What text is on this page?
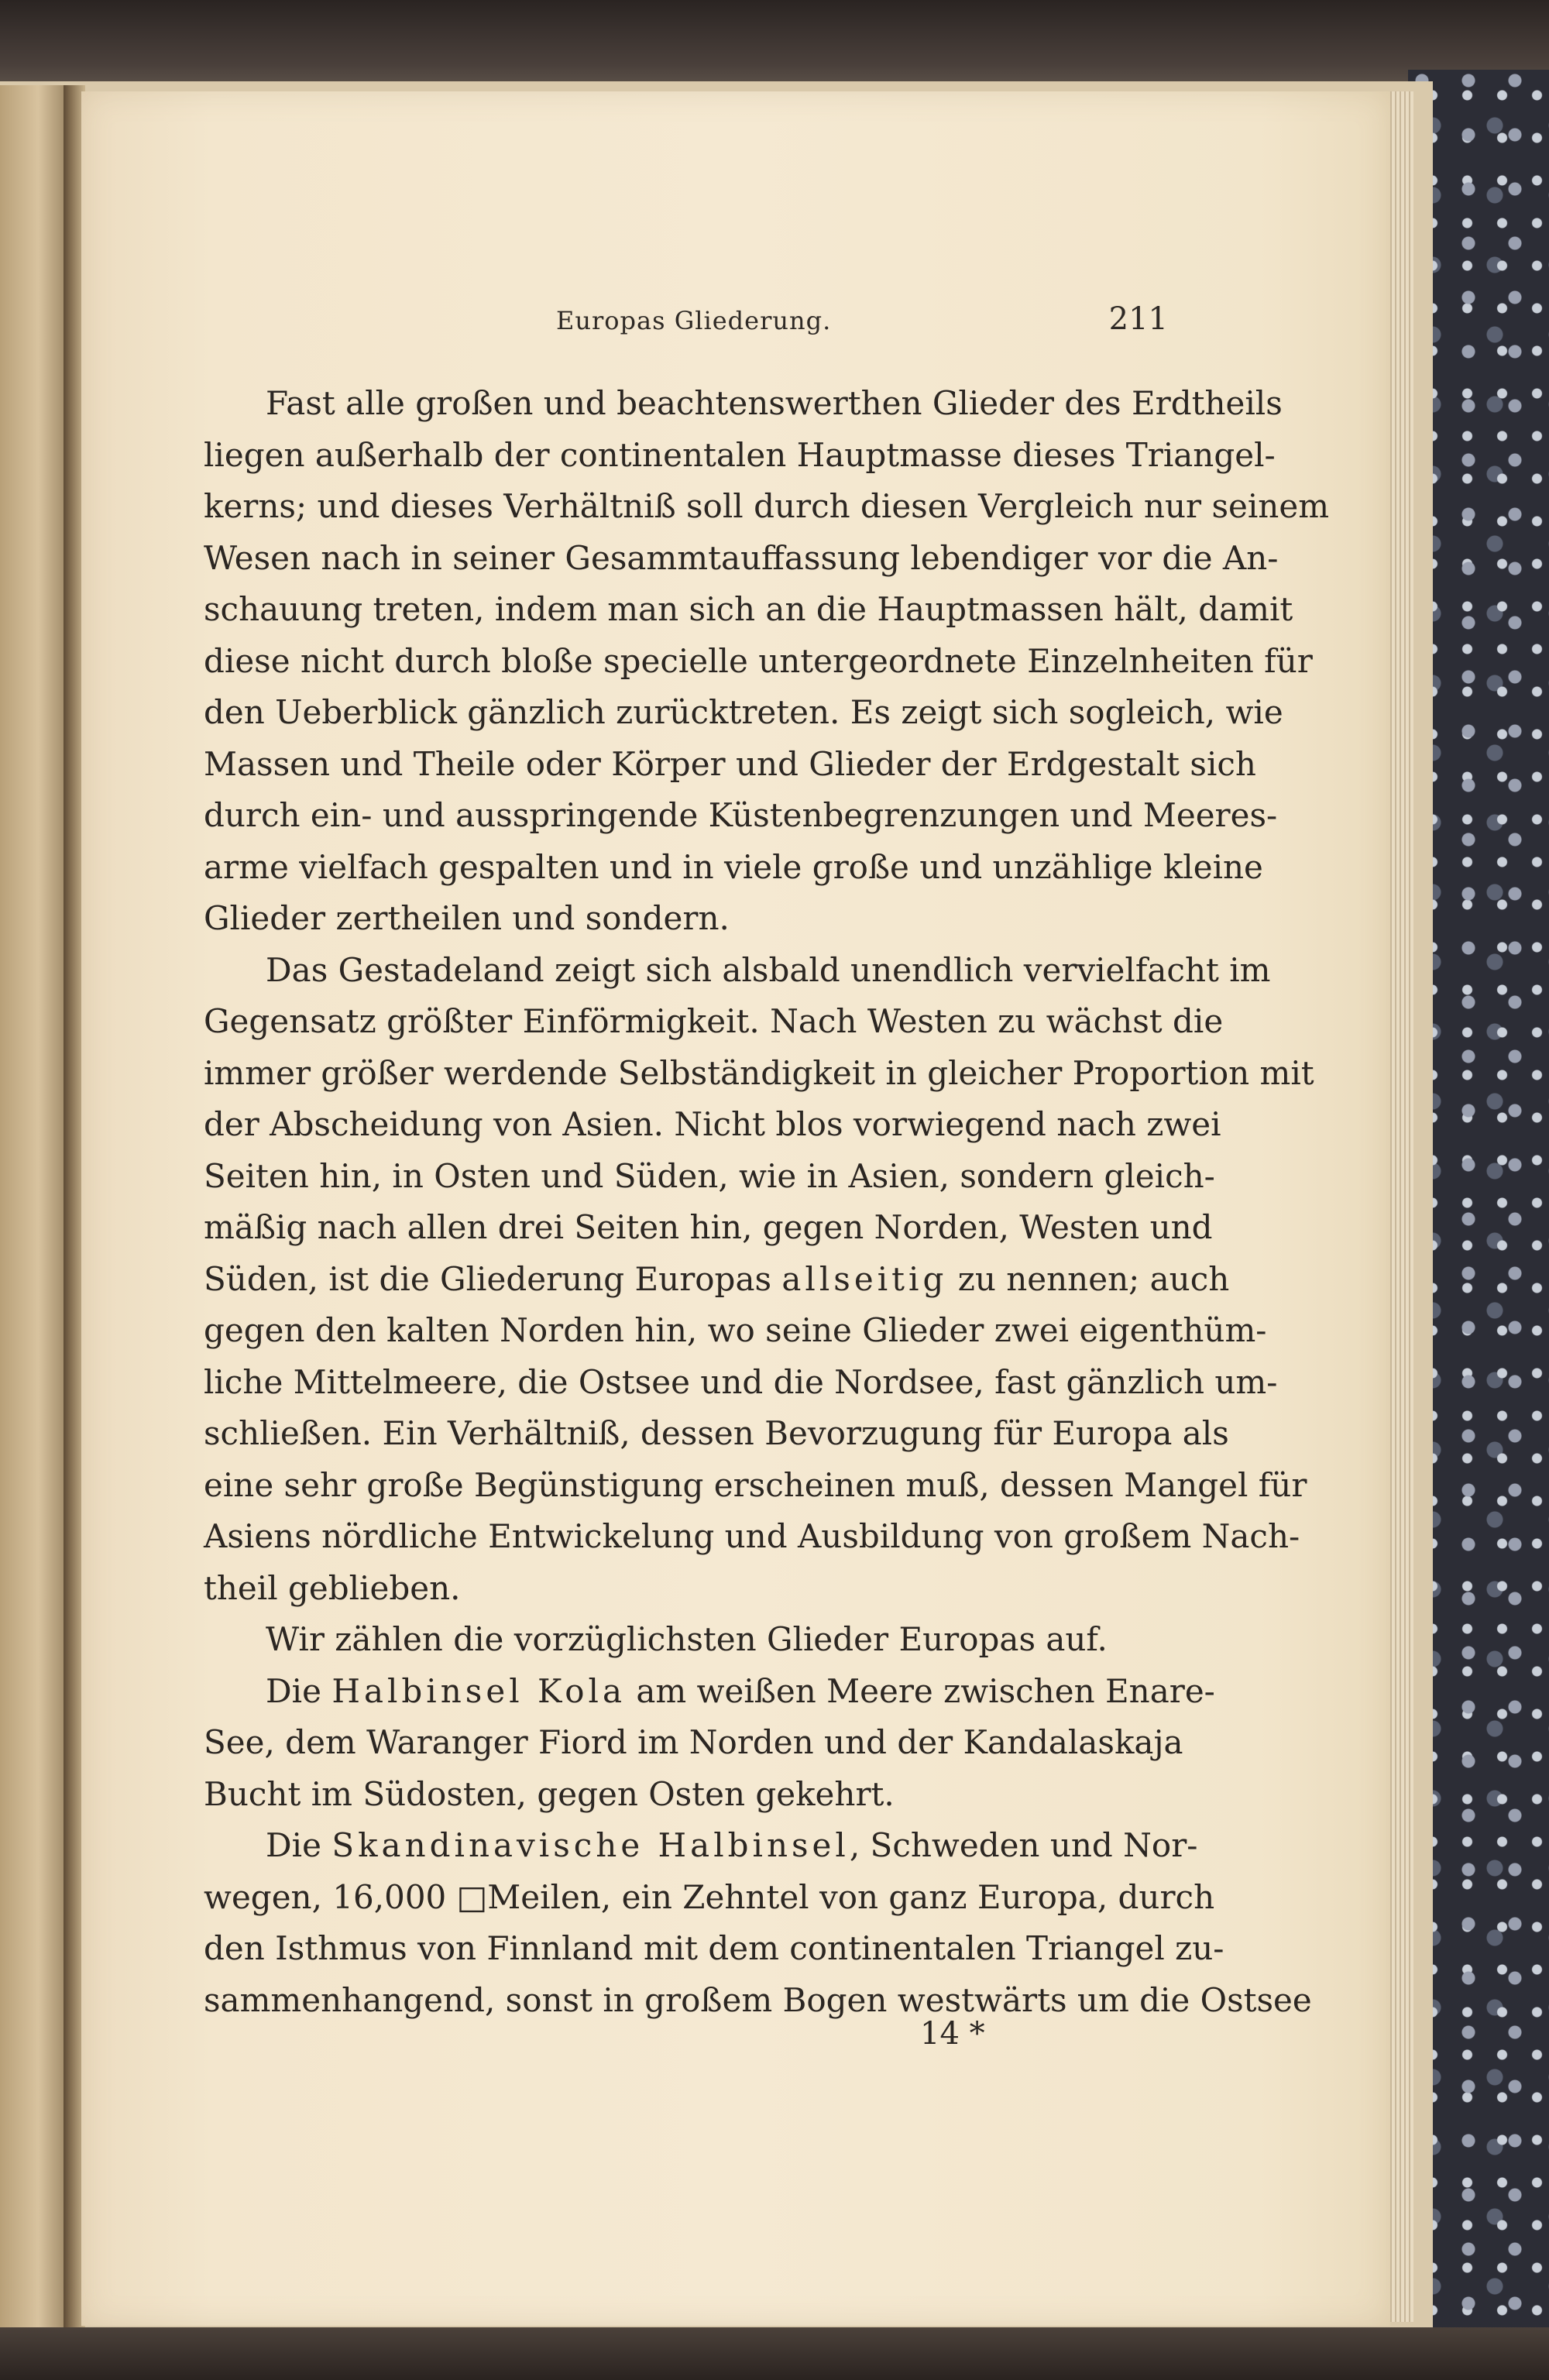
Europas Gliederung.	211
Fast alle großen und beachtenswerthen Glieder des Erdtheils
liegen außerhalb der continentalen Hauptmasse dieses Triangel-
kerns; und dieses Verhältniß soll durch diesen Vergleich nur seinem
Wesen nach in seiner Gesammtauffassung lebendiger vor die An-
schauung treten, indem man sich an die Hauptmassen hält, damit
diese nicht durch bloße specielle untergeordnete Einzelnheiten für
den Ueberblick gänzlich zurücktreten. Es zeigt sich sogleich, wie
Massen und Theile oder Körper und Glieder der Erdgestalt sich
durch ein- und ausspringende Küstenbegrenzungen und Meeres-
arme vielfach gespalten und in viele große und unzählige kleine
Glieder zertheilen und sondern.
Das Gestadeland zeigt sich alsbald unendlich vervielfacht im
Gegensatz größter Einförmigkeit. Nach Westen zu wächst die
immer größer werdende Selbständigkeit in gleicher Proportion mit
der Abscheidung von Asien. Nicht blos vorwiegend nach zwei
Seiten hin, in Osten und Süden, wie in Asien, sondern gleich-
mäßig nach allen drei Seiten hin, gegen Norden, Westen und
Süden, ist die Gliederung Europas allseitig zu nennen; auch
gegen den kalten Norden hin, wo seine Glieder zwei eigenthüm-
liche Mittelmeere, die Ostsee und die Nordsee, fast gänzlich um-
schließen. Ein Verhältniß, dessen Bevorzugung für Europa als
eine sehr große Begünstigung erscheinen muß, dessen Mangel für
Asiens nördliche Entwickelung und Ausbildung von großem Nach-
theil geblieben.
Wir zählen die vorzüglichsten Glieder Europas auf.
Die Halbinsel Kola am weißen Meere zwischen Enare-
See, dem Waranger Fiord im Norden und der Kandalaskaja
Bucht im Südosten, gegen Osten gekehrt.
Die Skandinavische Halbinsel, Schweden und Nor-
wegen, 16,000 □Meilen, ein Zehntel von ganz Europa, durch
den Isthmus von Finnland mit dem continentalen Triangel zu-
sammenhangend, sonst in großem Bogen westwärts um die Ostsee
14 *
